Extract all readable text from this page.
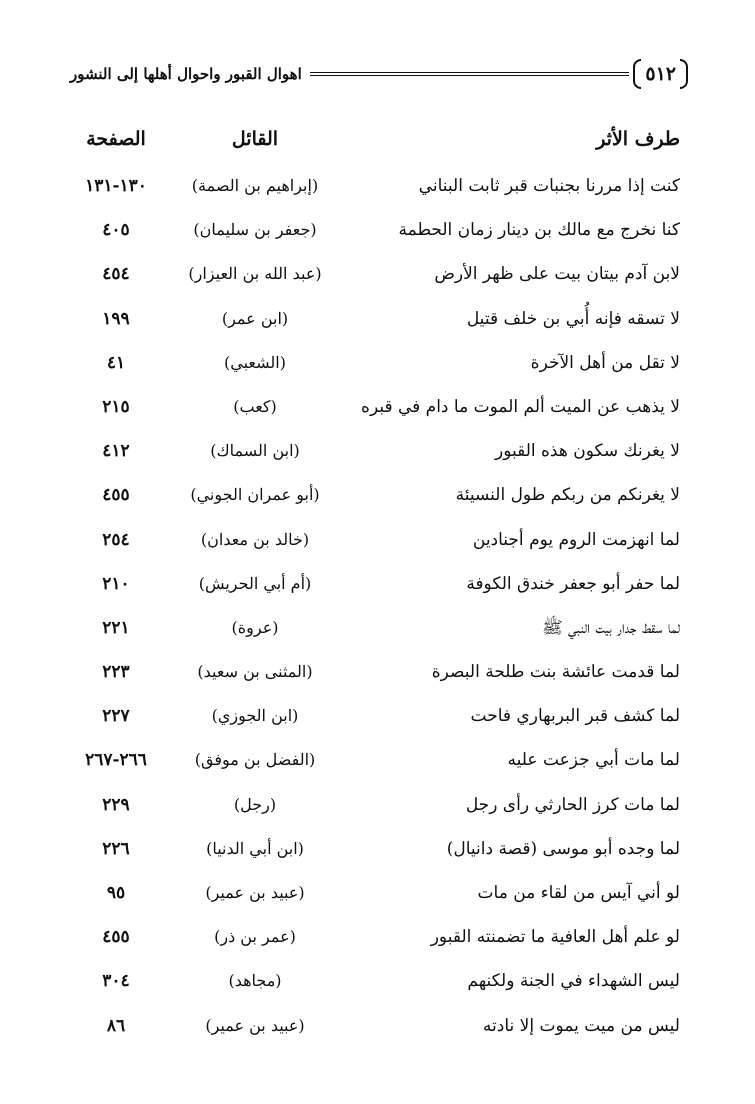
٥١٢
اهوال القبور واحوال أهلها إلى النشور
طرف الأثر
القائل
الصفحة
كنت إذا مررنا بجنبات قبر ثابت البناني
(إبراهيم بن الصمة)
١٣٠-١٣١
كنا نخرج مع مالك بن دينار زمان الحطمة
(جعفر بن سليمان)
٤٠٥
لابن آدم بيتان بيت على ظهر الأرض
(عبد الله بن العيزار)
٤٥٤
لا تسقه فإنه أُبي بن خلف قتيل
(ابن عمر)
١٩٩
لا تقل من أهل الآخرة
(الشعبي)
٤١
لا يذهب عن الميت ألم الموت ما دام في قبره
(كعب)
٢١٥
لا يغرنك سكون هذه القبور
(ابن السماك)
٤١٢
لا يغرنكم من ربكم طول النسيئة
(أبو عمران الجوني)
٤٥٥
لما انهزمت الروم يوم أجنادين
(خالد بن معدان)
٢٥٤
لما حفر أبو جعفر خندق الكوفة
(أم أبي الحريش)
٢١٠
لما سقط جدار بيت النبي ﷺ
(عروة)
٢٢١
لما قدمت عائشة بنت طلحة البصرة
(المثنى بن سعيد)
٢٢٣
لما كشف قبر البربهاري فاحت
(ابن الجوزي)
٢٢٧
لما مات أبي جزعت عليه
(الفضل بن موفق)
٢٦٦-٢٦٧
لما مات كرز الحارثي رأى رجل
(رجل)
٢٢٩
لما وجده أبو موسى (قصة دانيال)
(ابن أبي الدنيا)
٢٢٦
لو أني آيس من لقاء من مات
(عبيد بن عمير)
٩٥
لو علم أهل العافية ما تضمنته القبور
(عمر بن ذر)
٤٥٥
ليس الشهداء في الجنة ولكنهم
(مجاهد)
٣٠٤
ليس من ميت يموت إلا نادته
(عبيد بن عمير)
٨٦
